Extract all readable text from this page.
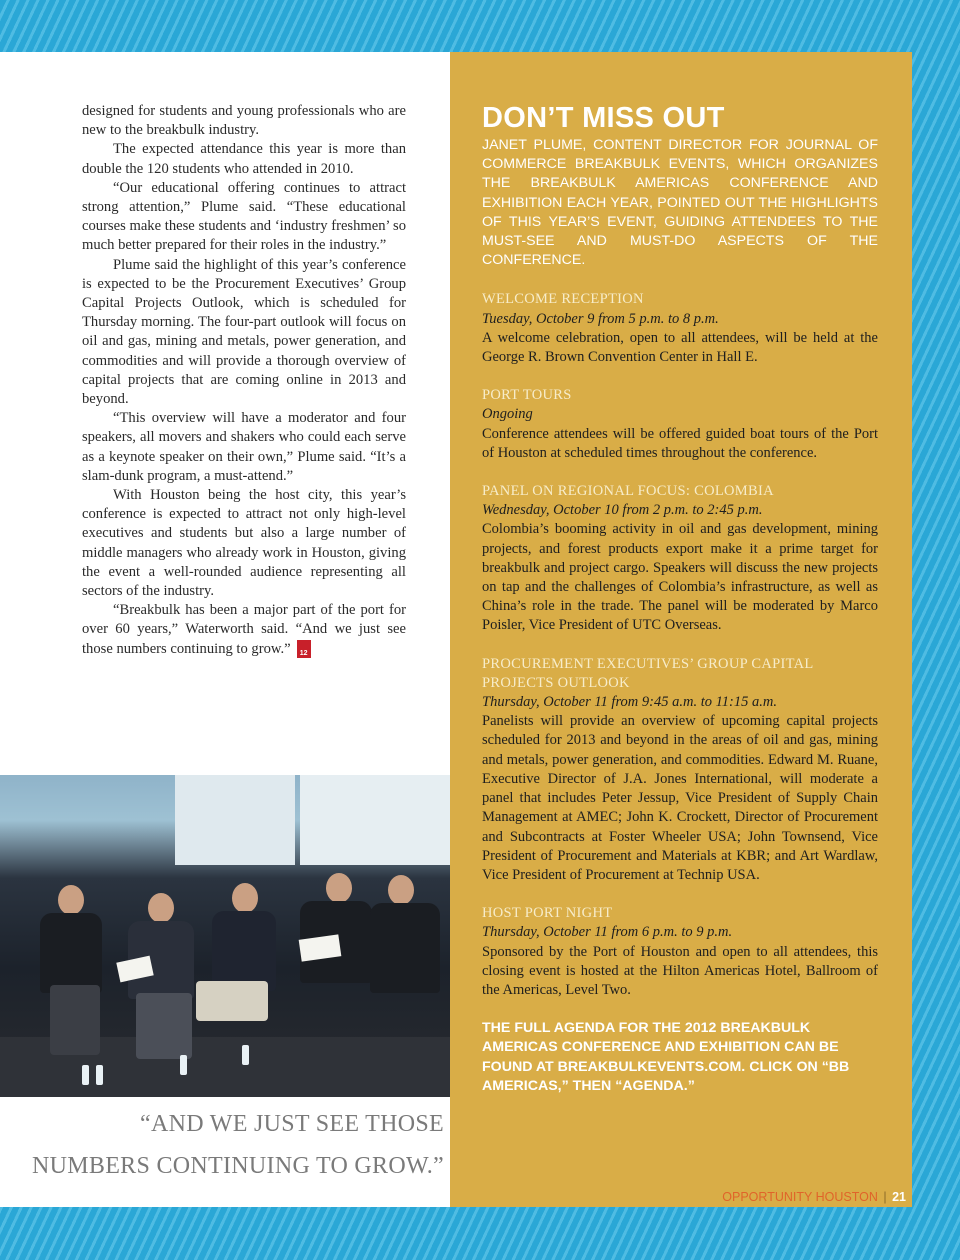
designed for students and young professionals who are new to the breakbulk industry.

The expected attendance this year is more than double the 120 students who attended in 2010.

“Our educational offering continues to attract strong attention,” Plume said. “These educational courses make these students and ‘industry freshmen’ so much better prepared for their roles in the industry.”

Plume said the highlight of this year’s conference is expected to be the Procurement Executives’ Group Capital Projects Outlook, which is scheduled for Thursday morning. The four-part outlook will focus on oil and gas, mining and metals, power generation, and commodities and will provide a thorough overview of capital projects that are coming online in 2013 and beyond.

“This overview will have a moderator and four speakers, all movers and shakers who could each serve as a keynote speaker on their own,” Plume said. “It’s a slam-dunk program, a must-attend.”

With Houston being the host city, this year’s conference is expected to attract not only high-level executives and students but also a large number of middle managers who already work in Houston, giving the event a well-rounded audience representing all sectors of the industry.

“Breakbulk has been a major part of the port for over 60 years,” Waterworth said. “And we just see those numbers continuing to grow.”	20
12

“AND WE JUST SEE THOSE NUMBERS CONTINUING TO GROW.”
DON’T MISS OUT

JANET PLUME, CONTENT DIRECTOR FOR JOURNAL OF COMMERCE BREAKBULK EVENTS, WHICH ORGANIZES THE BREAKBULK AMERICAS CONFERENCE AND EXHIBITION EACH YEAR, POINTED OUT THE HIGHLIGHTS OF THIS YEAR’S EVENT, GUIDING ATTENDEES TO THE MUST-SEE AND MUST-DO ASPECTS OF THE CONFERENCE.

WELCOME RECEPTION

Tuesday, October 9 from 5 p.m. to 8 p.m.

A welcome celebration, open to all attendees, will be held at the George R. Brown Convention Center in Hall E.

PORT TOURS

Ongoing

Conference attendees will be offered guided boat tours of the Port of Houston at scheduled times throughout the conference.

PANEL ON REGIONAL FOCUS: COLOMBIA

Wednesday, October 10 from 2 p.m. to 2:45 p.m.

Colombia’s booming activity in oil and gas development, mining projects, and forest products export make it a prime target for breakbulk and project cargo. Speakers will discuss the new projects on tap and the challenges of Colombia’s infrastructure, as well as China’s role in the trade. The panel will be moderated by Marco Poisler, Vice President of UTC Overseas.

PROCUREMENT EXECUTIVES’ GROUP CAPITAL PROJECTS OUTLOOK

Thursday, October 11 from 9:45 a.m. to 11:15 a.m.

Panelists will provide an overview of upcoming capital projects scheduled for 2013 and beyond in the areas of oil and gas, mining and metals, power generation, and commodities. Edward M. Ruane, Executive Director of J.A. Jones International, will moderate a panel that includes Peter Jessup, Vice President of Supply Chain Management at AMEC; John K. Crockett, Director of Procurement and Subcontracts at Foster Wheeler USA; John Townsend, Vice President of Procurement and Materials at KBR; and Art Wardlaw, Vice President of Procurement at Technip USA.

HOST PORT NIGHT

Thursday, October 11 from 6 p.m. to 9 p.m.

Sponsored by the Port of Houston and open to all attendees, this closing event is hosted at the Hilton Americas Hotel, Ballroom of the Americas, Level Two.

THE FULL AGENDA FOR THE 2012 BREAKBULK AMERICAS CONFERENCE AND EXHIBITION CAN BE FOUND AT BREAKBULKEVENTS.COM. CLICK ON “BB AMERICAS,” THEN “AGENDA.”

OPPORTUNITY HOUSTON | 21
